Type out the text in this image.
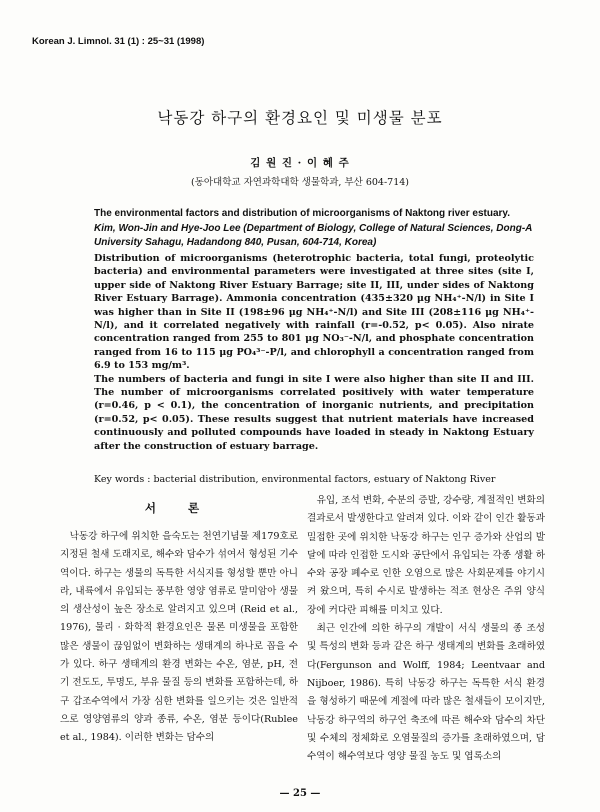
Korean J. Limnol. 31 (1) : 25~31 (1998)
낙동강 하구의 환경요인 및 미생물 분포
김 원 진 · 이 혜 주
(동아대학교 자연과학대학 생물학과, 부산 604-714)
The environmental factors and distribution of microorganisms of Naktong river estuary.
Kim, Won-Jin and Hye-Joo Lee (Department of Biology, College of Natural Sciences, Dong-A University Sahagu, Hadandong 840, Pusan, 604-714, Korea)

Distribution of microorganisms (heterotrophic bacteria, total fungi, proteolytic bacteria) and environmental parameters were investigated at three sites (site I, upper side of Naktong River Estuary Barrage; site II, III, under sides of Naktong River Estuary Barrage). Ammonia concentration (435±320 μg NH₄⁺-N/l) in Site I was higher than in Site II (198±96 μg NH₄⁺-N/l) and Site III (208±116 μg NH₄⁺-N/l), and it correlated negatively with rainfall (r=-0.52, p< 0.05). Also nirate concentration ranged from 255 to 801 μg NO₃⁻-N/l, and phosphate concentration ranged from 16 to 115 μg PO₄³⁻-P/l, and chlorophyll a concentration ranged from 6.9 to 153 mg/m³.

The numbers of bacteria and fungi in site I were also higher than site II and III. The number of microorganisms correlated positively with water temperature (r=0.46, p < 0.1), the concentration of inorganic nutrients, and precipitation (r=0.52, p< 0.05). These results suggest that nutrient materials have increased continuously and polluted compounds have loaded in steady in Naktong Estuary after the construction of estuary barrage.

Key words : bacterial distribution, environmental factors, estuary of Naktong River
서 론

낙동강 하구에 위치한 을숙도는 천연기념물 제179호로 지정된 철새 도래지로, 해수와 담수가 섞여서 형성된 기수역이다. 하구는 생물의 독특한 서식지를 형성할 뿐만 아니라, 내륙에서 유입되는 풍부한 영양 염류로 말미암아 생물의 생산성이 높은 장소로 알려지고 있으며 (Reid et al., 1976), 물리 · 화학적 환경요인은 물론 미생물을 포함한 많은 생물이 끊임없이 변화하는 생태계의 하나로 꼽을 수가 있다. 하구 생태계의 환경 변화는 수온, 염분, pH, 전기 전도도, 투명도, 부유 물질 등의 변화를 포함하는데, 하구 갑조수역에서 가장 심한 변화를 일으키는 것은 일반적으로 영양염류의 양과 종류, 수온, 염분 등이다(Rublee et al., 1984). 이러한 변화는 담수의

유입, 조석 변화, 수분의 증발, 강수량, 계절적인 변화의 결과로서 발생한다고 알려져 있다. 이와 같이 인간 활동과 밀접한 곳에 위치한 낙동강 하구는 인구 증가와 산업의 발달에 따라 인접한 도시와 공단에서 유입되는 각종 생활 하수와 공장 폐수로 인한 오염으로 많은 사회문제를 야기시켜 왔으며, 특히 수시로 발생하는 적조 현상은 주위 양식장에 커다란 피해를 미치고 있다.

최근 인간에 의한 하구의 개발이 서식 생물의 종 조성 및 특성의 변화 등과 같은 하구 생태계의 변화를 초래하였다(Fergunson and Wolff, 1984; Leentvaar and Nijboer, 1986). 특히 낙동강 하구는 독특한 서식 환경을 형성하기 때문에 계절에 따라 많은 철새들이 모이지만, 낙동강 하구역의 하구언 축조에 따른 해수와 담수의 차단 및 수체의 정체화로 오염물질의 증가를 초래하였으며, 담수역이 해수역보다 영양 물질 농도 및 엽록소의

— 25 —
